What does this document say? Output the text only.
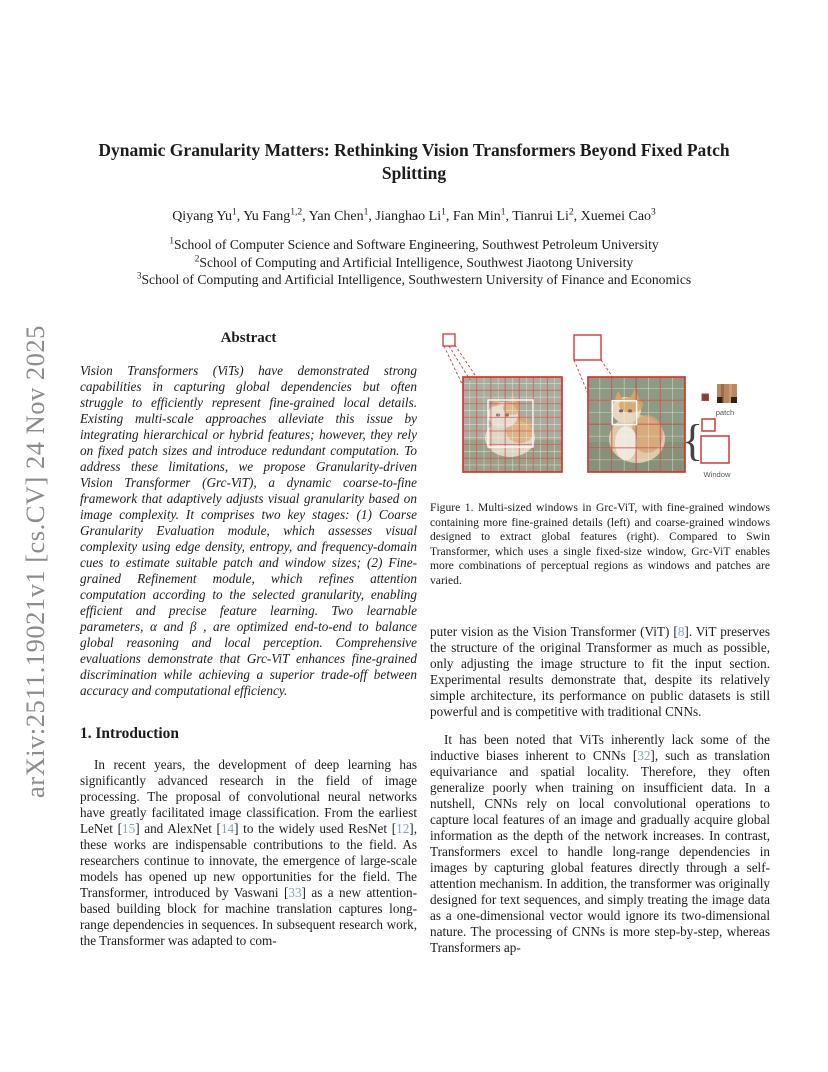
arXiv:2511.19021v1 [cs.CV] 24 Nov 2025
Dynamic Granularity Matters: Rethinking Vision Transformers Beyond Fixed Patch Splitting
Qiyang Yu$^1$, Yu Fang$^{1,2}$, Yan Chen$^1$, Jianghao Li$^1$, Fan Min$^1$, Tianrui Li$^2$, Xuemei Cao$^3$
$^1$School of Computer Science and Software Engineering, Southwest Petroleum University
$^2$School of Computing and Artificial Intelligence, Southwest Jiaotong University
$^3$School of Computing and Artificial Intelligence, Southwestern University of Finance and Economics

Abstract

Vision Transformers (ViTs) have demonstrated strong capabilities in capturing global dependencies but often struggle to efficiently represent fine-grained local details. Existing multi-scale approaches alleviate this issue by integrating hierarchical or hybrid features; however, they rely on fixed patch sizes and introduce redundant computation. To address these limitations, we propose Granularity-driven Vision Transformer (Grc-ViT), a dynamic coarse-to-fine framework that adaptively adjusts visual granularity based on image complexity. It comprises two key stages: (1) Coarse Granularity Evaluation module, which assesses visual complexity using edge density, entropy, and frequency-domain cues to estimate suitable patch and window sizes; (2) Fine-grained Refinement module, which refines attention computation according to the selected granularity, enabling efficient and precise feature learning. Two learnable parameters, α and β , are optimized end-to-end to balance global reasoning and local perception. Comprehensive evaluations demonstrate that Grc-ViT enhances fine-grained discrimination while achieving a superior trade-off between accuracy and computational efficiency.

1. Introduction

In recent years, the development of deep learning has significantly advanced research in the field of image processing. The proposal of convolutional neural networks have greatly facilitated image classification. From the earliest LeNet [15] and AlexNet [14] to the widely used ResNet [12], these works are indispensable contributions to the field. As researchers continue to innovate, the emergence of large-scale models has opened up new opportunities for the field. The Transformer, introduced by Vaswani [33] as a new attention-based building block for machine translation captures long-range dependencies in sequences. In subsequent research work, the Transformer was adapted to com-

patch
{
Window

Figure 1. Multi-sized windows in Grc-ViT, with fine-grained windows containing more fine-grained details (left) and coarse-grained windows designed to extract global features (right). Compared to Swin Transformer, which uses a single fixed-size window, Grc-ViT enables more combinations of perceptual regions as windows and patches are varied.

puter vision as the Vision Transformer (ViT) [8]. ViT preserves the structure of the original Transformer as much as possible, only adjusting the image structure to fit the input section. Experimental results demonstrate that, despite its relatively simple architecture, its performance on public datasets is still powerful and is competitive with traditional CNNs.

It has been noted that ViTs inherently lack some of the inductive biases inherent to CNNs [32], such as translation equivariance and spatial locality. Therefore, they often generalize poorly when training on insufficient data. In a nutshell, CNNs rely on local convolutional operations to capture local features of an image and gradually acquire global information as the depth of the network increases. In contrast, Transformers excel to handle long-range dependencies in images by capturing global features directly through a self-attention mechanism. In addition, the transformer was originally designed for text sequences, and simply treating the image data as a one-dimensional vector would ignore its two-dimensional nature. The processing of CNNs is more step-by-step, whereas Transformers ap-
